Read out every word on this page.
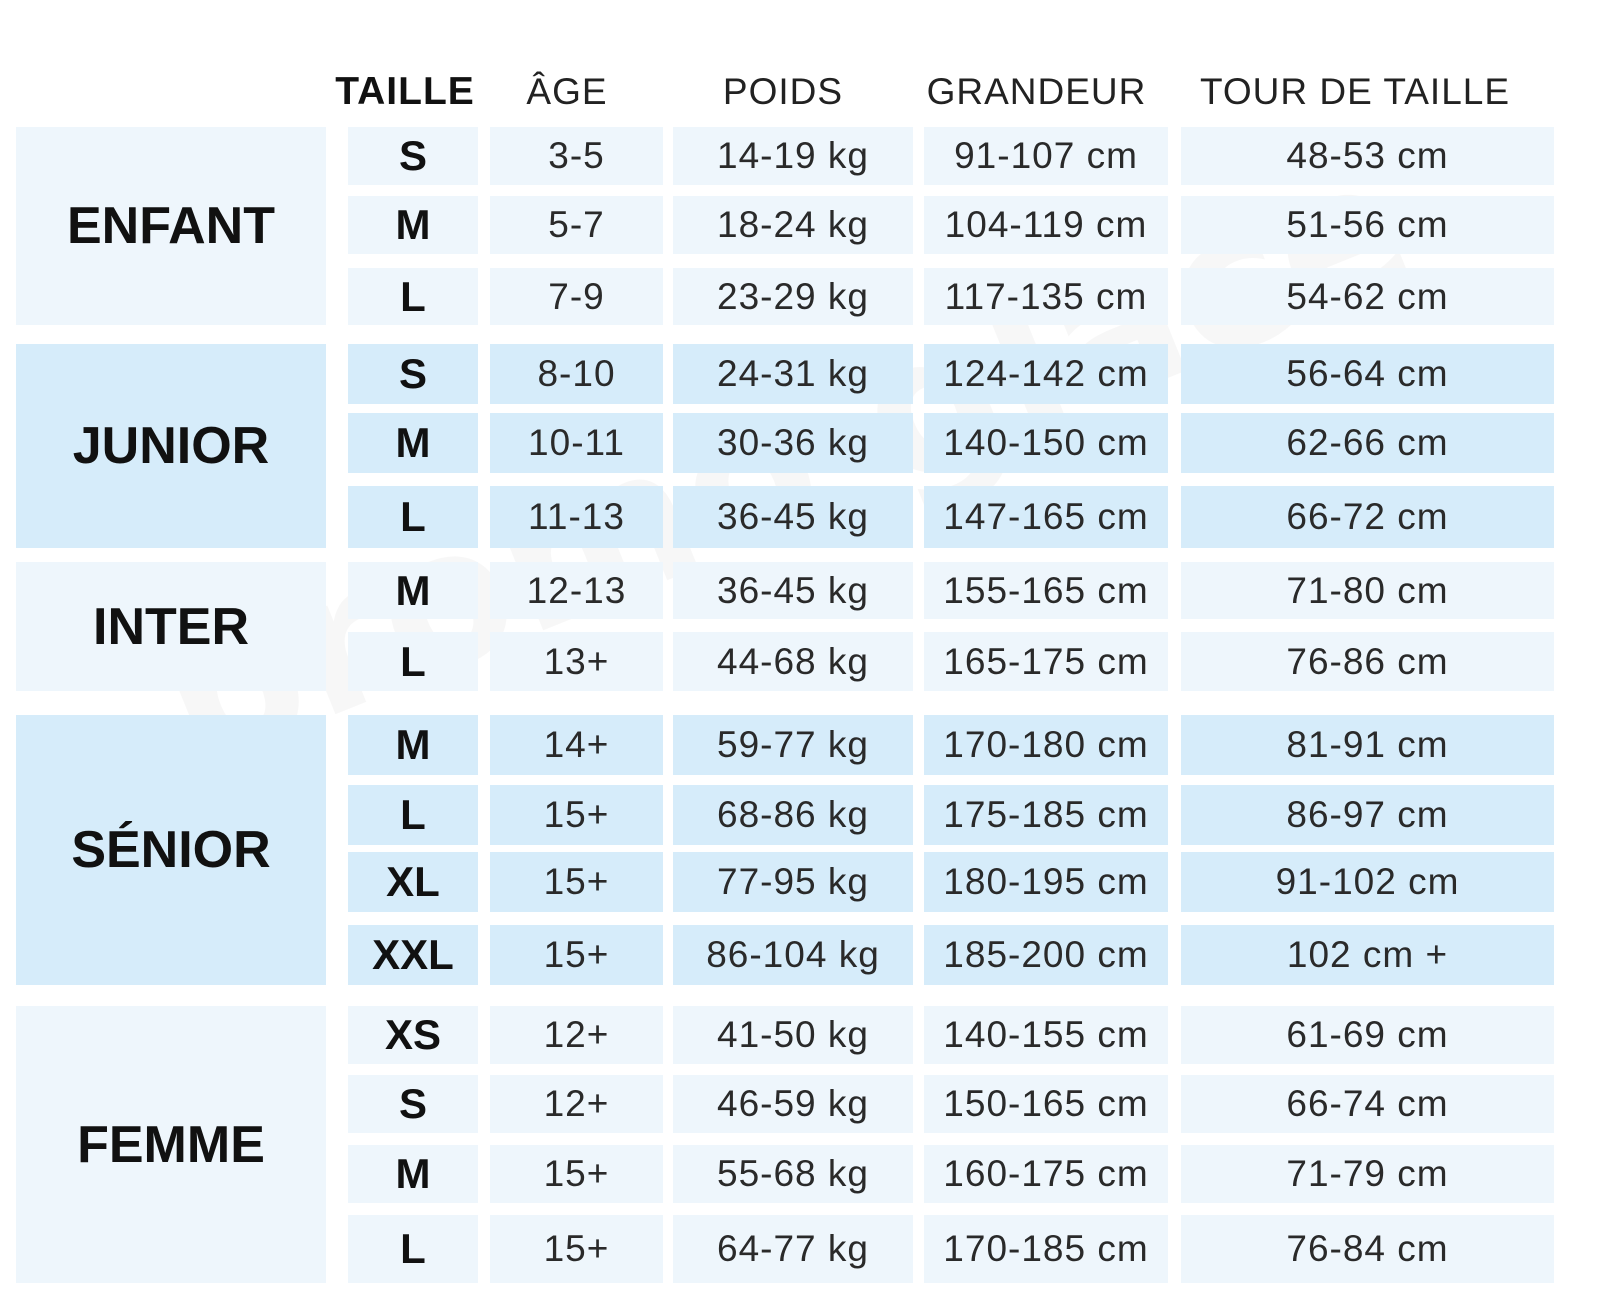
TAILLE	ÂGE	POIDS	GRANDEUR	TOUR DE TAILLE
ENFANT
S	3-5	14-19 kg	91-107 cm	48-53 cm
M	5-7	18-24 kg	104-119 cm	51-56 cm
L	7-9	23-29 kg	117-135 cm	54-62 cm
JUNIOR
S	8-10	24-31 kg	124-142 cm	56-64 cm
M	10-11	30-36 kg	140-150 cm	62-66 cm
L	11-13	36-45 kg	147-165 cm	66-72 cm
INTER
M	12-13	36-45 kg	155-165 cm	71-80 cm
L	13+	44-68 kg	165-175 cm	76-86 cm
SÉNIOR
M	14+	59-77 kg	170-180 cm	81-91 cm
L	15+	68-86 kg	175-185 cm	86-97 cm
XL	15+	77-95 kg	180-195 cm	91-102 cm
XXL	15+	86-104 kg	185-200 cm	102 cm +
FEMME
XS	12+	41-50 kg	140-155 cm	61-69 cm
S	12+	46-59 kg	150-165 cm	66-74 cm
M	15+	55-68 kg	160-175 cm	71-79 cm
L	15+	64-77 kg	170-185 cm	76-84 cm
